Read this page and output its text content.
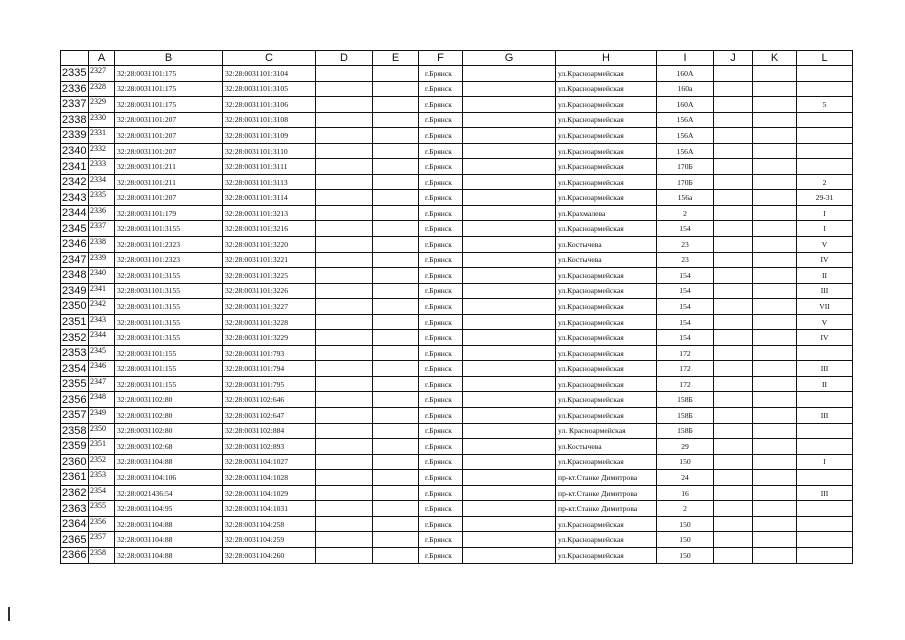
	A	B	C	D	E	F	G	H	I	J	K	L
2335	2327	32:28:0031101:175	32:28:0031101:3104			г.Брянск		ул.Красноармейская	160А			
2336	2328	32:28:0031101:175	32:28:0031101:3105			г.Брянск		ул.Красноармейская	160а			
2337	2329	32:28:0031101:175	32:28:0031101:3106			г.Брянск		ул.Красноармейская	160А			5
2338	2330	32:28:0031101:207	32:28:0031101:3108			г.Брянск		ул.Красноармейская	156А			
2339	2331	32:28:0031101:207	32:28:0031101:3109			г.Брянск		ул.Красноармейская	156А			
2340	2332	32:28:0031101:207	32:28:0031101:3110			г.Брянск		ул.Красноармейская	156А			
2341	2333	32:28:0031101:211	32:28:0031101:3111			г.Брянск		ул.Красноармейская	170Б			
2342	2334	32:28:0031101:211	32:28:0031101:3113			г.Брянск		ул.Красноармейская	170Б			2
2343	2335	32:28:0031101:207	32:28:0031101:3114			г.Брянск		ул.Красноармейская	156а			29-31
2344	2336	32:28:0031101:179	32:28:0031101:3213			г.Брянск		ул.Крахмалева	2			I
2345	2337	32:28:0031101:3155	32:28:0031101:3216			г.Брянск		ул.Красноармейская	154			I
2346	2338	32:28:0031101:2323	32:28:0031101:3220			г.Брянск		ул.Костычева	23			V
2347	2339	32:28:0031101:2323	32:28:0031101:3221			г.Брянск		ул.Костычева	23			IV
2348	2340	32:28:0031101:3155	32:28:0031101:3225			г.Брянск		ул.Красноармейская	154			II
2349	2341	32:28:0031101:3155	32:28:0031101:3226			г.Брянск		ул.Красноармейская	154			III
2350	2342	32:28:0031101:3155	32:28:0031101:3227			г.Брянск		ул.Красноармейская	154			VII
2351	2343	32:28:0031101:3155	32:28:0031101:3228			г.Брянск		ул.Красноармейская	154			V
2352	2344	32:28:0031101:3155	32:28:0031101:3229			г.Брянск		ул.Красноармейская	154			IV
2353	2345	32:28:0031101:155	32:28:0031101:793			г.Брянск		ул.Красноармейская	172			
2354	2346	32:28:0031101:155	32:28:0031101:794			г.Брянск		ул.Красноармейская	172			III
2355	2347	32:28:0031101:155	32:28:0031101:795			г.Брянск		ул.Красноармейская	172			II
2356	2348	32:28:0031102:80	32:28:0031102:646			г.Брянск		ул.Красноармейская	158Б			
2357	2349	32:28:0031102:80	32:28:0031102:647			г.Брянск		ул.Красноармейская	158Б			III
2358	2350	32:28:0031102:80	32:28:0031102:884			г.Брянск		ул. Красноармейская	158Б			
2359	2351	32:28:0031102:68	32:28:0031102:893			г.Брянск		ул.Костычева	29			
2360	2352	32:28:0031104:88	32:28:0031104:1027			г.Брянск		ул.Красноармейская	150			I
2361	2353	32:28:0031104:106	32:28:0031104:1028			г.Брянск		пр-кт.Станке Димитрова	24			
2362	2354	32:28:0021436:54	32:28:0031104:1029			г.Брянск		пр-кт.Станке Димитрова	16			III
2363	2355	32:28:0031104:95	32:28:0031104:1031			г.Брянск		пр-кт.Станке Димитрова	2			
2364	2356	32:28:0031104:88	32:28:0031104:258			г.Брянск		ул.Красноармейская	150			
2365	2357	32:28:0031104:88	32:28:0031104:259			г.Брянск		ул.Красноармейская	150			
2366	2358	32:28:0031104:88	32:28:0031104:260			г.Брянск		ул.Красноармейская	150			
